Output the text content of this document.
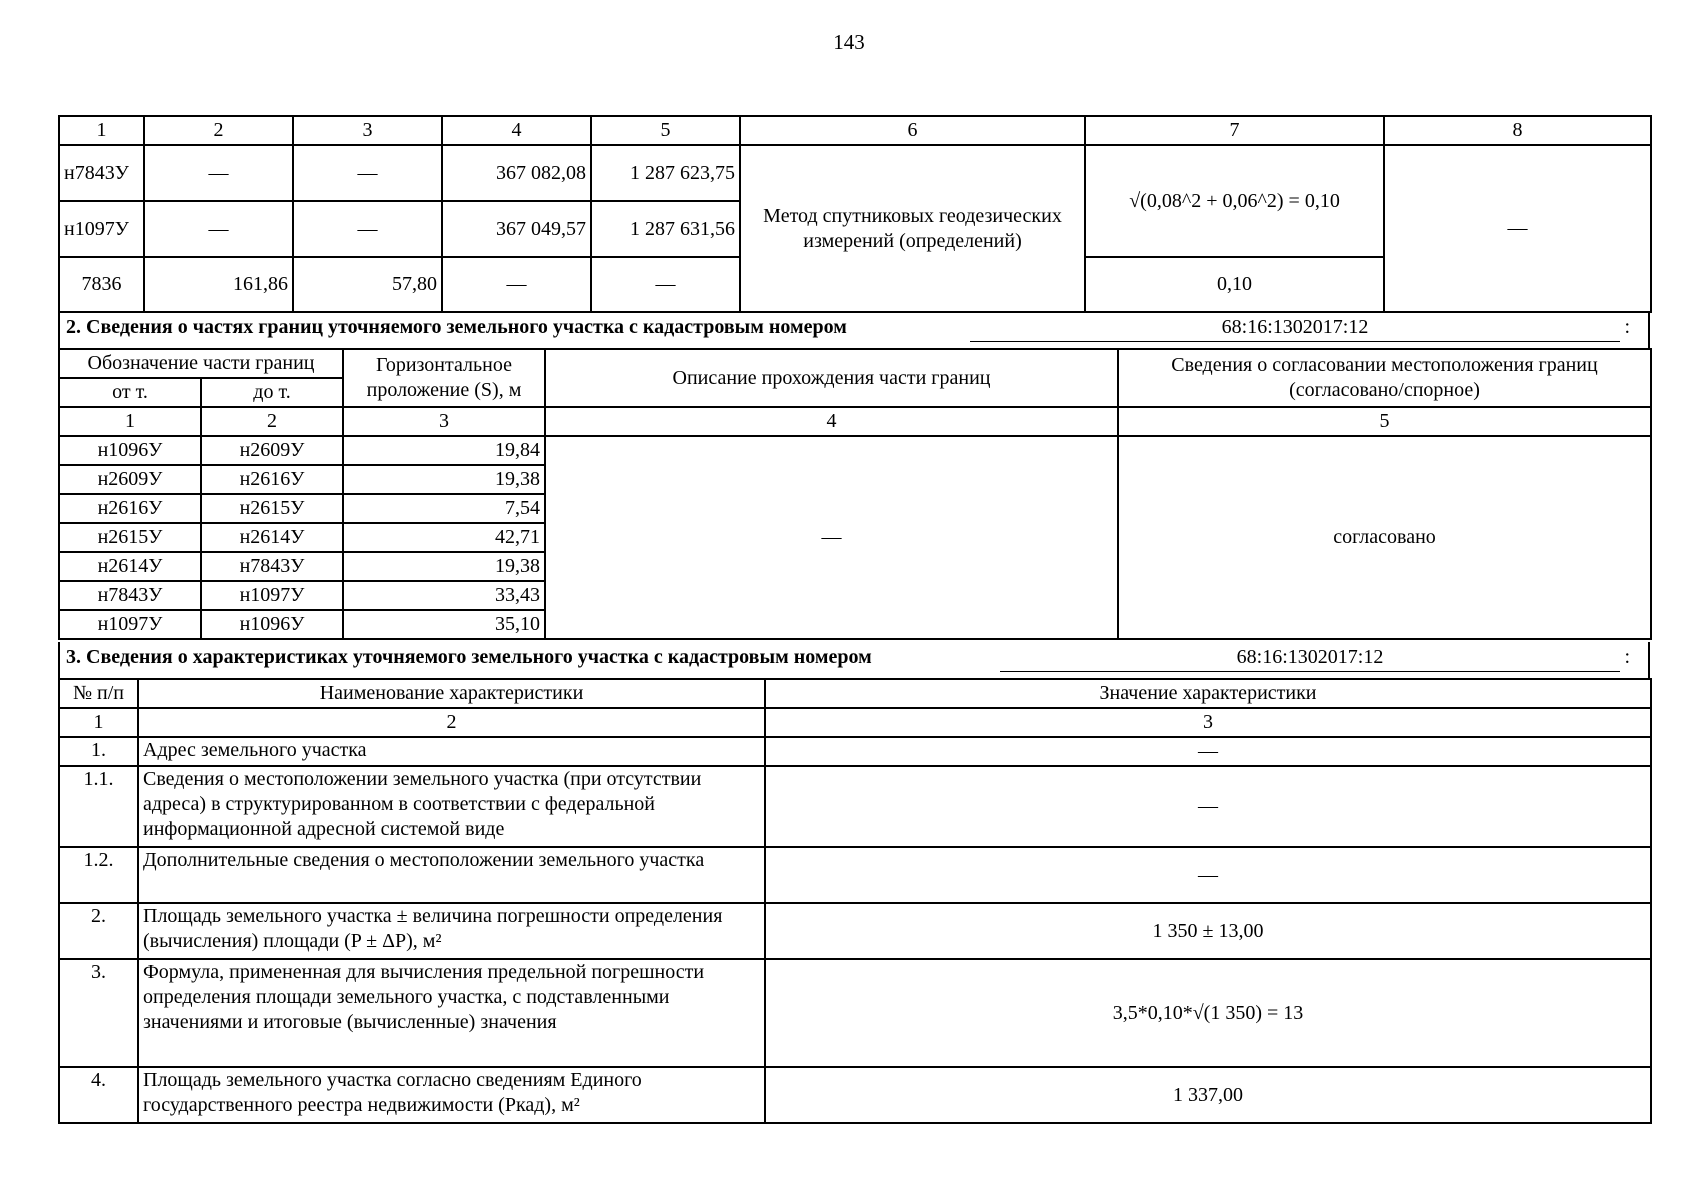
143
1	2	3	4	5	6	7	8
н7843У	—	—	367 082,08	1 287 623,75	Метод спутниковых геодезических измерений (определений)	√(0,08^2 + 0,06^2) = 0,10	—
н1097У	—	—	367 049,57	1 287 631,56			
7836	161,86	57,80	—	—		0,10	
2. Сведения о частях границ уточняемого земельного участка с кадастровым номером	68:16:1302017:12	:
Обозначение части границ		Горизонтальное проложение (S), м	Описание прохождения части границ	Сведения о согласовании местоположения границ (согласовано/спорное)
от т.	до т.			
1	2	3	4	5
н1096У	н2609У	19,84	—	согласовано
н2609У	н2616У	19,38		
н2616У	н2615У	7,54		
н2615У	н2614У	42,71		
н2614У	н7843У	19,38		
н7843У	н1097У	33,43		
н1097У	н1096У	35,10		
3. Сведения о характеристиках уточняемого земельного участка с кадастровым номером	68:16:1302017:12	:
№ п/п	Наименование характеристики	Значение характеристики
1	2	3
1.	Адрес земельного участка	—
1.1.	Сведения о местоположении земельного участка (при отсутствии адреса) в структурированном в соответствии с федеральной информационной адресной системой виде	—
1.2.	Дополнительные сведения о местоположении земельного участка	—
2.	Площадь земельного участка ± величина погрешности определения (вычисления) площади (P ± ΔP), м²	1 350 ± 13,00
3.	Формула, примененная для вычисления предельной погрешности определения площади земельного участка, с подставленными значениями и итоговые (вычисленные) значения	3,5*0,10*√(1 350) = 13
4.	Площадь земельного участка согласно сведениям Единого государственного реестра недвижимости (Ркад), м²	1 337,00
